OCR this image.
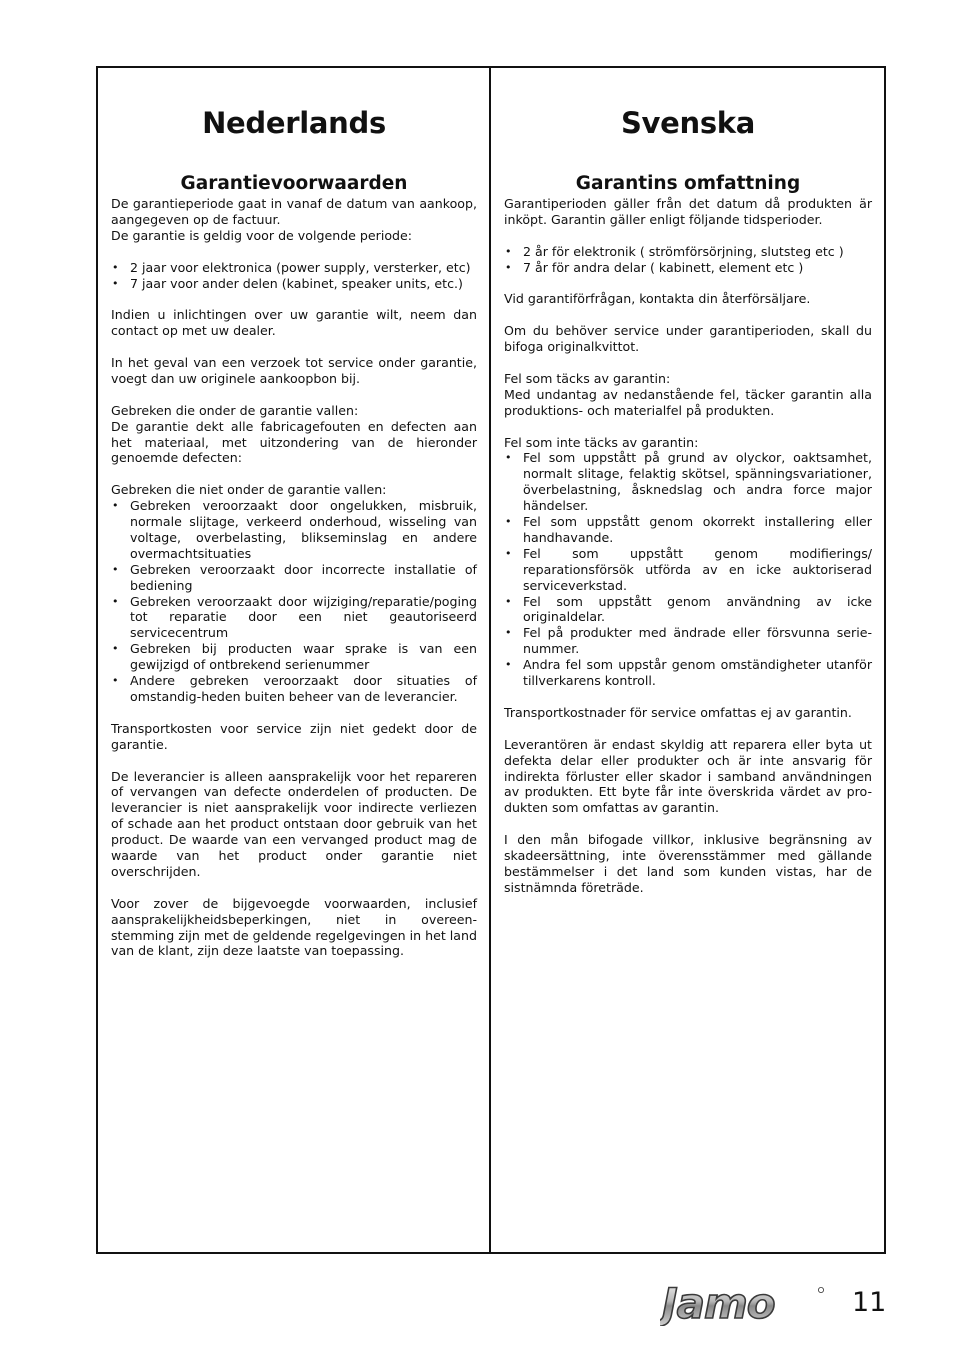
Nederlands
Garantievoorwaarden

De garantieperiode gaat in vanaf de datum van aankoop, aangegeven op de factuur.
De garantie is geldig voor de volgende periode:

• 2 jaar voor elektronica (power supply, versterker, etc)
• 7 jaar voor ander delen (kabinet, speaker units, etc.)

Indien u inlichtingen over uw garantie wilt, neem dan contact op met uw dealer.

In het geval van een verzoek tot service onder garantie, voegt dan uw originele aankoopbon bij.

Gebreken die onder de garantie vallen:
De garantie dekt alle fabricagefouten en defecten aan het materiaal, met uitzondering van de hieronder genoemde defecten:

Gebreken die niet onder de garantie vallen:
• Gebreken veroorzaakt door ongelukken, misbruik, normale slijtage, verkeerd onderhoud, wisseling van voltage, overbelasting, blikseminslag en andere overmachtsituaties
• Gebreken veroorzaakt door incorrecte installatie of bediening
• Gebreken veroorzaakt door wijziging/reparatie/poging tot reparatie door een niet geautoriseerd servicecentrum
• Gebreken bij producten waar sprake is van een gewijzigd of ontbrekend serienummer
• Andere gebreken veroorzaakt door situaties of omstandig-heden buiten beheer van de leverancier.

Transportkosten voor service zijn niet gedekt door de garantie.

De leverancier is alleen aansprakelijk voor het repareren of vervangen van defecte onderdelen of producten. De leverancier is niet aansprakelijk voor indirecte verliezen of schade aan het product ontstaan door gebruik van het product. De waarde van een vervanged product mag de waarde van het product onder garantie niet overschrijden.

Voor zover de bijgevoegde voorwaarden, inclusief aansprakelijkheidsbeperkingen, niet in overeen-stemming zijn met de geldende regelgevingen in het land van de klant, zijn deze laatste van toepassing.

Svenska
Garantins omfattning

Garantiperioden gäller från det datum då produkten är inköpt. Garantin gäller enligt följande tidsperioder.

• 2 år för elektronik ( strömförsörjning, slutsteg etc )
• 7 år för andra delar ( kabinett, element etc )

Vid garantiförfrågan, kontakta din återförsäljare.

Om du behöver service under garantiperioden, skall du bifoga originalkvittot.

Fel som täcks av garantin:
Med undantag av nedanstående fel, täcker garantin alla produktions- och materialfel på produkten.

Fel som inte täcks av garantin:
• Fel som uppstått på grund av olyckor, oaktsamhet, normalt slitage, felaktig skötsel, spänningsvariationer, överbelastning, åsknedslag och andra force major händelser.
• Fel som uppstått genom okorrekt installering eller handhavande.
• Fel som uppstått genom modifierings/ reparationsförsök utförda av en icke auktoriserad serviceverkstad.
• Fel som uppstått genom användning av icke originaldelar.
• Fel på produkter med ändrade eller försvunna serie-nummer.
• Andra fel som uppstår genom omständigheter utanför tillverkarens kontroll.

Transportkostnader för service omfattas ej av garantin.

Leverantören är endast skyldig att reparera eller byta ut defekta delar eller produkter och är inte ansvarig för indirekta förluster eller skador i samband användningen av produkten. Ett byte får inte överskrida värdet av pro-dukten som omfattas av garantin.

I den mån bifogade villkor, inklusive begränsning av skadeersättning, inte överensstämmer med gällande bestämmelser i det land som kunden vistas, har de sistnämnda företräde.

Jamo	11
